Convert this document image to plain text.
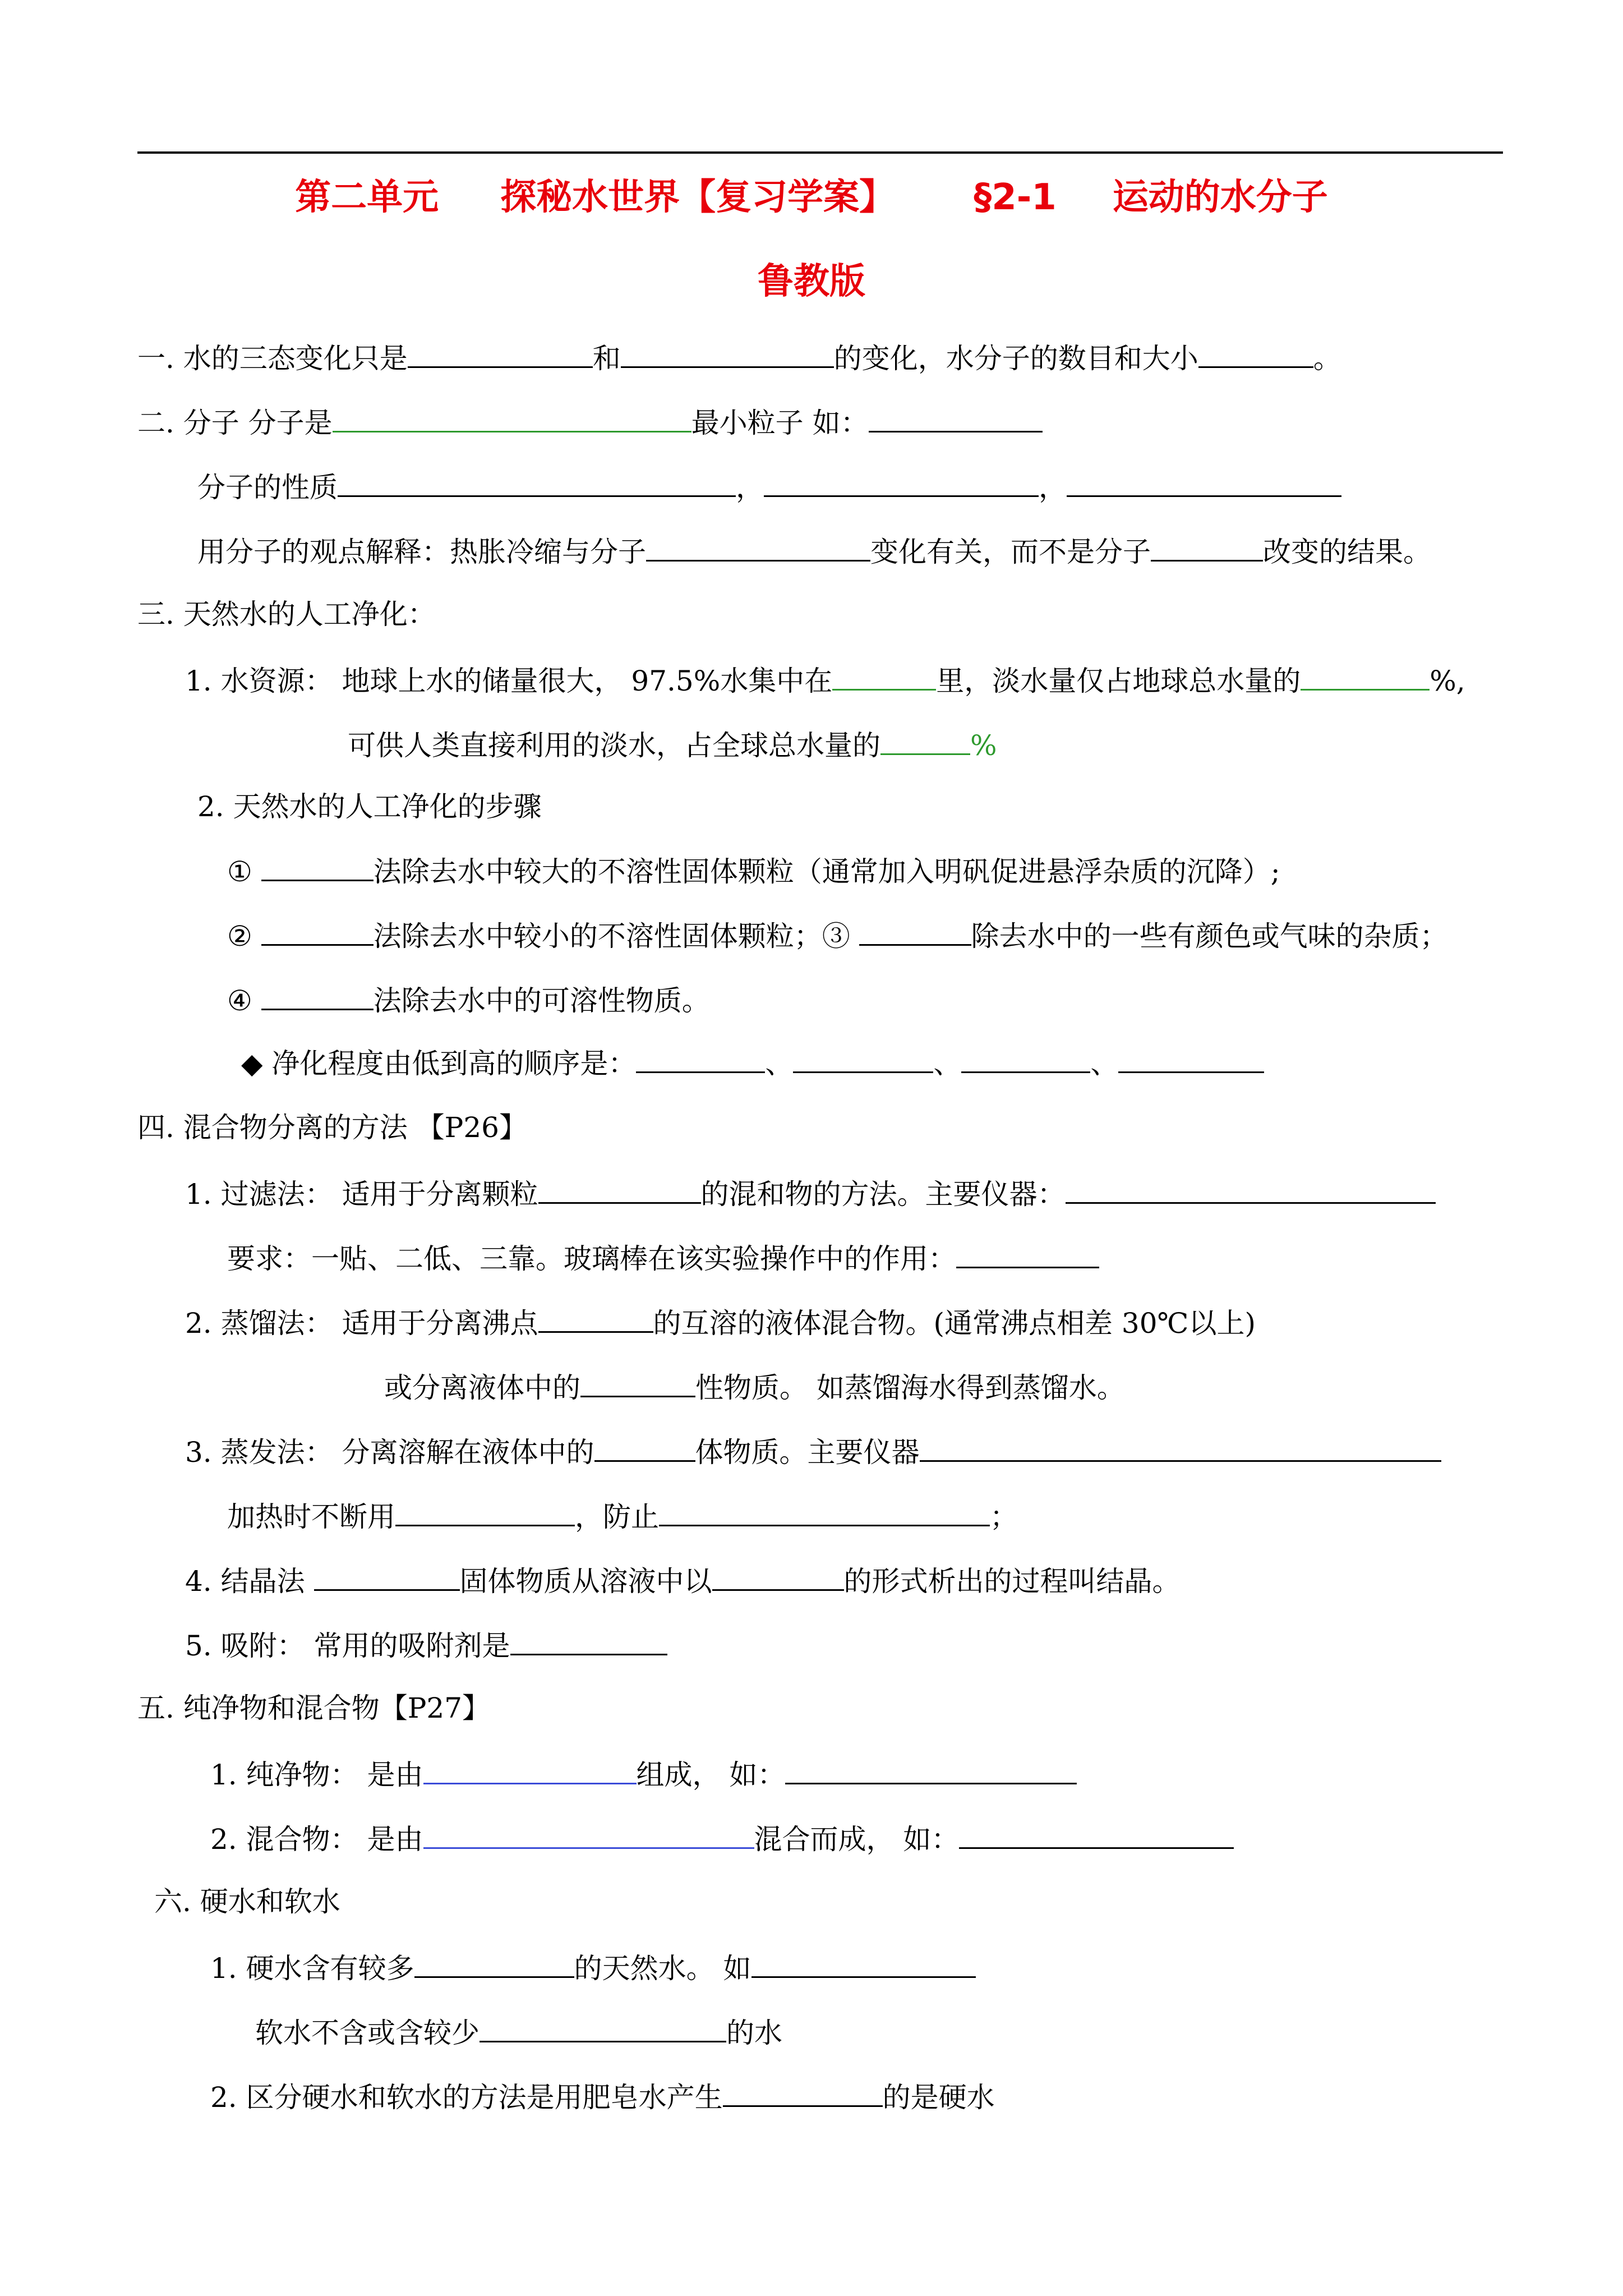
第二单元 探秘水世界【复习学案】 §2-1 运动的水分子
鲁教版
一. 水的三态变化只是	和	的变化，水分子的数目和大小	。
二. 分子 分子是	最小粒子 如：
分子的性质	，	，
用分子的观点解释：热胀冷缩与分子	变化有关，而不是分子	改变的结果。
三. 天然水的人工净化：
1. 水资源： 地球上水的储量很大， 97.5%水集中在	里，淡水量仅占地球总水量的	%,
可供人类直接利用的淡水，占全球总水量的	%
2. 天然水的人工净化的步骤
①	法除去水中较大的不溶性固体颗粒（通常加入明矾促进悬浮杂质的沉降）;
②	法除去水中较小的不溶性固体颗粒；③	除去水中的一些有颜色或气味的杂质；
④	法除去水中的可溶性物质。
◆ 净化程度由低到高的顺序是：	、	、	、
四. 混合物分离的方法 【P26】
1. 过滤法： 适用于分离颗粒	的混和物的方法。主要仪器：
要求：一贴、二低、三靠。玻璃棒在该实验操作中的作用：
2. 蒸馏法： 适用于分离沸点	的互溶的液体混合物。(通常沸点相差 30℃以上)
或分离液体中的	性物质。 如蒸馏海水得到蒸馏水。
3. 蒸发法： 分离溶解在液体中的	体物质。主要仪器
加热时不断用	，防止	；
4. 结晶法	固体物质从溶液中以	的形式析出的过程叫结晶。
5. 吸附： 常用的吸附剂是
五. 纯净物和混合物【P27】
1. 纯净物： 是由	组成， 如：
2. 混合物： 是由	混合而成， 如：
六. 硬水和软水
1. 硬水含有较多	的天然水。 如
软水不含或含较少	的水
2. 区分硬水和软水的方法是用肥皂水产生	的是硬水
